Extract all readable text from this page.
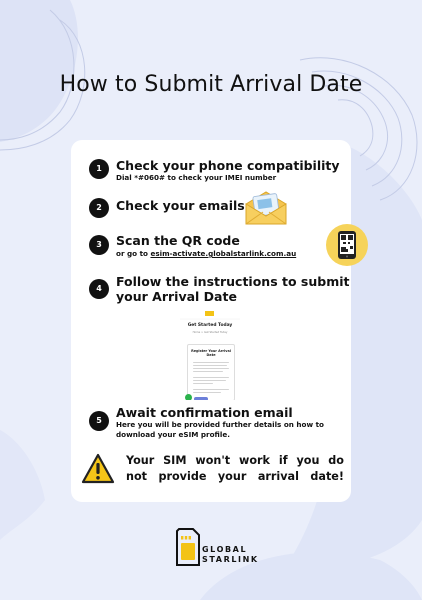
How to Submit Arrival Date
1	Check your phone compatibility
Dial *#060# to check your IMEI number
2	Check your emails
3	Scan the QR code
or go to esim-activate.globalstarlink.com.au
4	Follow the instructions to submit
your Arrival Date
Get Started Today
Home > Get Started Today
Register Your Arrival
Date
5
Await confirmation email
Here you will be provided further details on how to
download your eSIM profile.
Your SIM won't work if you do
not provide your arrival date!
GLOBAL
STARLINK
